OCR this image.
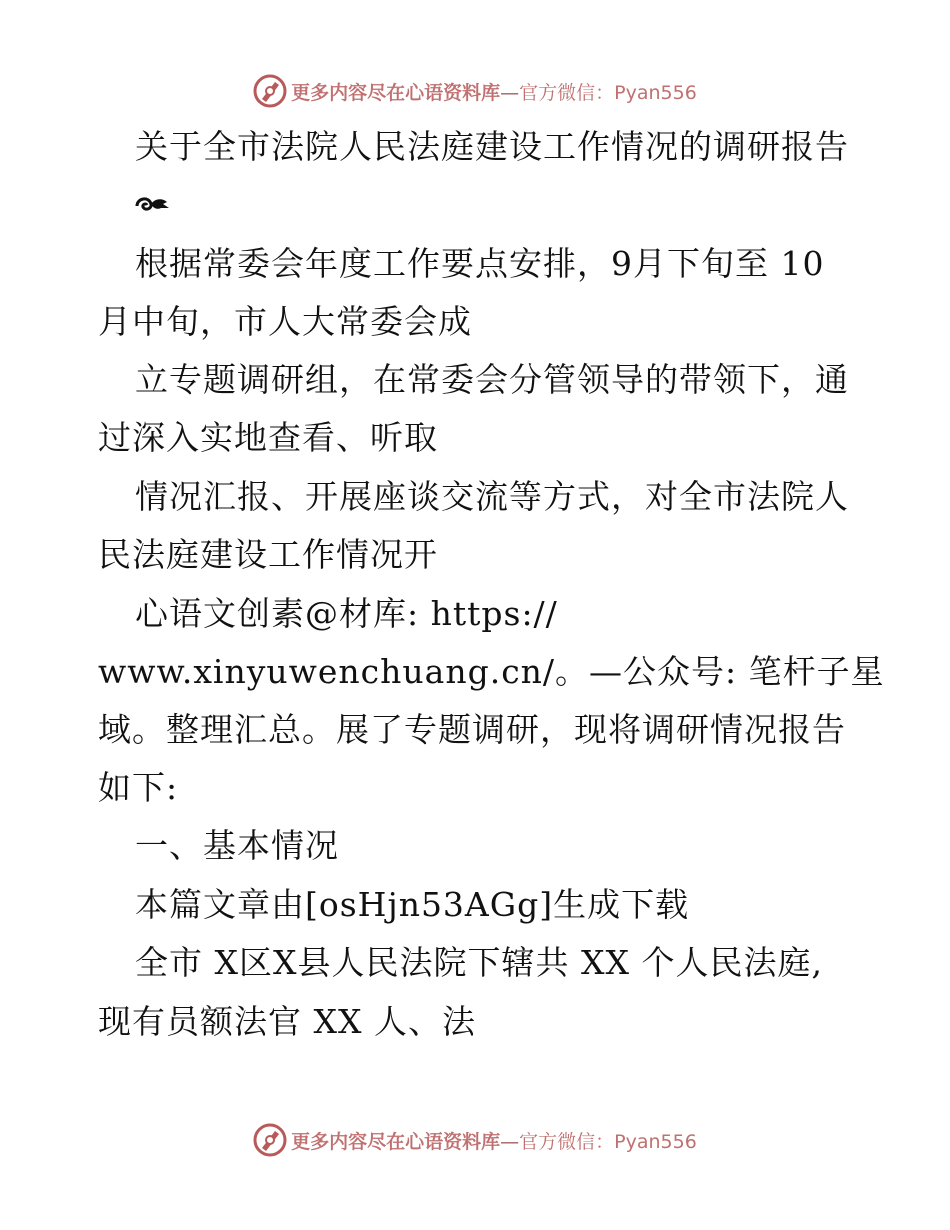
更多内容尽在心语资料库—官方微信：Pyan556
关于全市法院人民法庭建设工作情况的调研报告
根据常委会年度工作要点安排，9月下旬至 10
月中旬，市人大常委会成
立专题调研组，在常委会分管领导的带领下，通
过深入实地查看、听取
情况汇报、开展座谈交流等方式，对全市法院人
民法庭建设工作情况开
心语文创素@材库: https://
www.xinyuwenchuang.cn/。—公众号: 笔杆子星
域。整理汇总。展了专题调研，现将调研情况报告
如下:
一、基本情况
本篇文章由[osHjn53AGg]生成下载
全市 X区X县人民法院下辖共 XX 个人民法庭,
现有员额法官 XX 人、法
更多内容尽在心语资料库—官方微信：Pyan556
